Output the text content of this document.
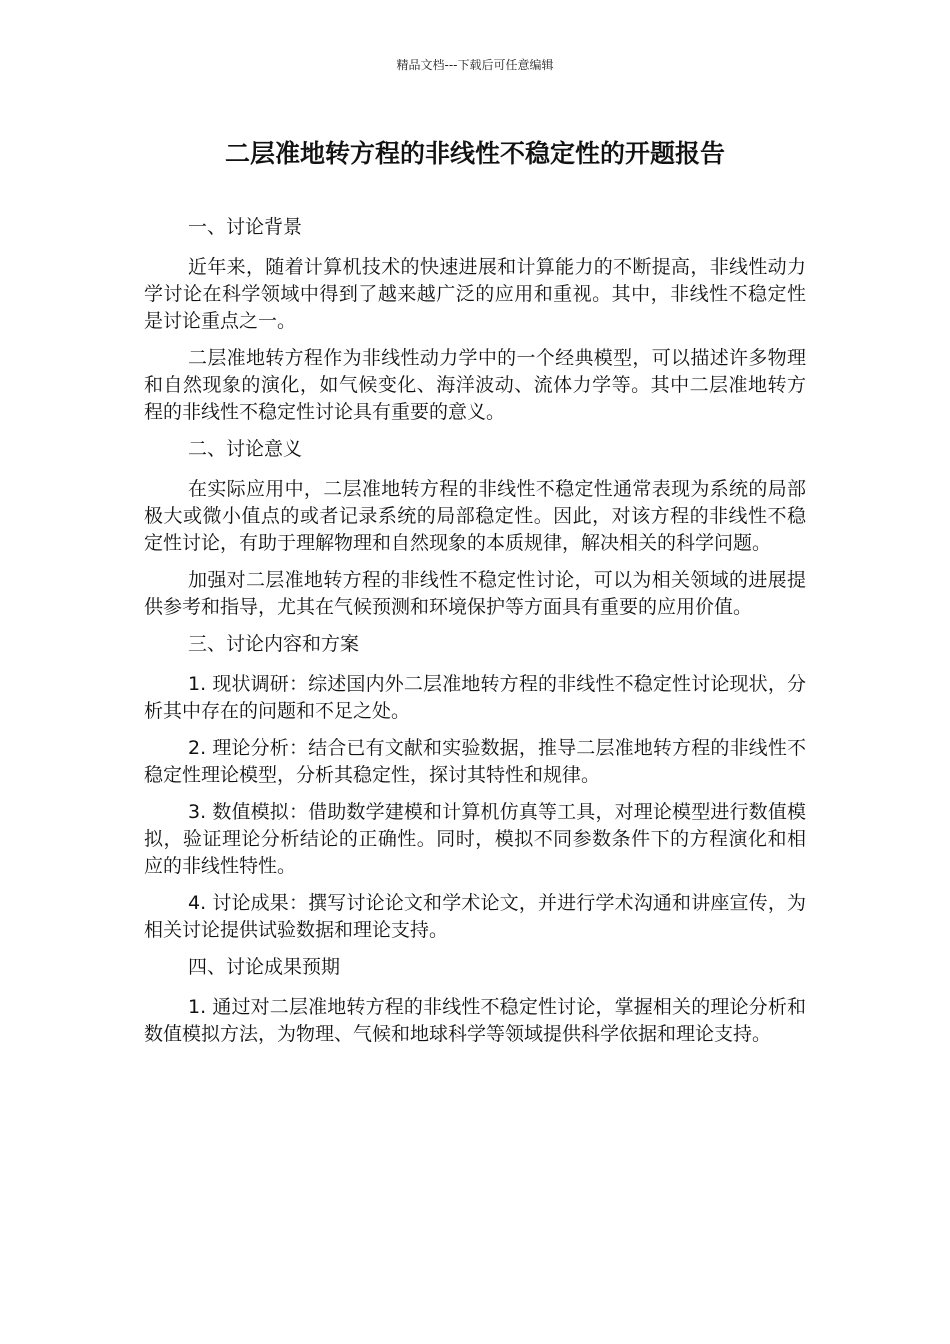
精品文档---下载后可任意编辑
二层准地转方程的非线性不稳定性的开题报告

一、讨论背景

近年来，随着计算机技术的快速进展和计算能力的不断提高，非线性动力学讨论在科学领域中得到了越来越广泛的应用和重视。其中，非线性不稳定性是讨论重点之一。

二层准地转方程作为非线性动力学中的一个经典模型，可以描述许多物理和自然现象的演化，如气候变化、海洋波动、流体力学等。其中二层准地转方程的非线性不稳定性讨论具有重要的意义。

二、讨论意义

在实际应用中，二层准地转方程的非线性不稳定性通常表现为系统的局部极大或微小值点的或者记录系统的局部稳定性。因此，对该方程的非线性不稳定性讨论，有助于理解物理和自然现象的本质规律，解决相关的科学问题。

加强对二层准地转方程的非线性不稳定性讨论，可以为相关领域的进展提供参考和指导，尤其在气候预测和环境保护等方面具有重要的应用价值。

三、讨论内容和方案

1. 现状调研：综述国内外二层准地转方程的非线性不稳定性讨论现状，分析其中存在的问题和不足之处。

2. 理论分析：结合已有文献和实验数据，推导二层准地转方程的非线性不稳定性理论模型，分析其稳定性，探讨其特性和规律。

3. 数值模拟：借助数学建模和计算机仿真等工具，对理论模型进行数值模拟，验证理论分析结论的正确性。同时，模拟不同参数条件下的方程演化和相应的非线性特性。

4. 讨论成果：撰写讨论论文和学术论文，并进行学术沟通和讲座宣传，为相关讨论提供试验数据和理论支持。

四、讨论成果预期

1. 通过对二层准地转方程的非线性不稳定性讨论，掌握相关的理论分析和数值模拟方法，为物理、气候和地球科学等领域提供科学依据和理论支持。
